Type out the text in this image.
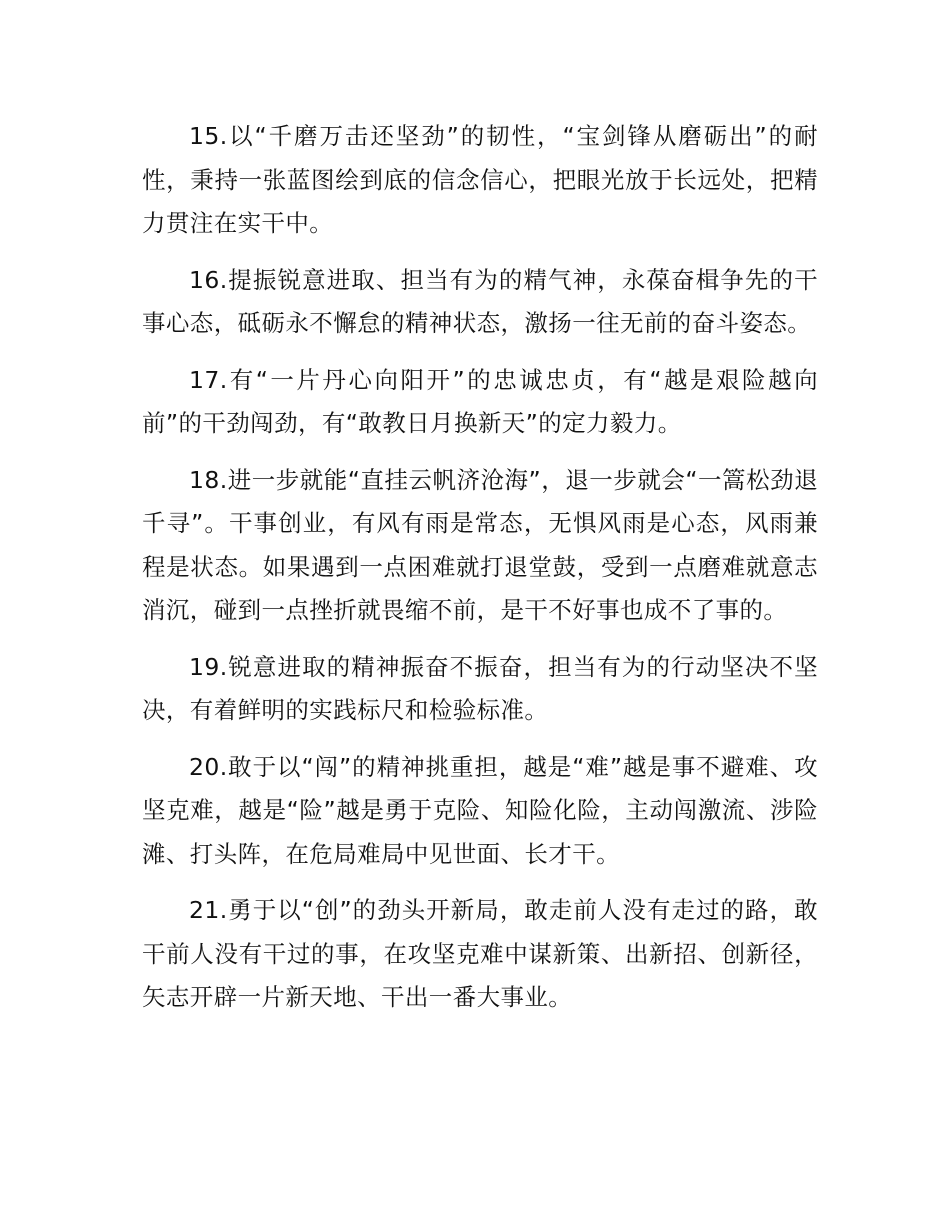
15.以“千磨万击还坚劲”的韧性，“宝剑锋从磨砺出”的耐性，秉持一张蓝图绘到底的信念信心，把眼光放于长远处，把精力贯注在实干中。

16.提振锐意进取、担当有为的精气神，永葆奋楫争先的干事心态，砥砺永不懈怠的精神状态，激扬一往无前的奋斗姿态。

17.有“一片丹心向阳开”的忠诚忠贞，有“越是艰险越向前”的干劲闯劲，有“敢教日月换新天”的定力毅力。

18.进一步就能“直挂云帆济沧海”，退一步就会“一篙松劲退千寻”。干事创业，有风有雨是常态，无惧风雨是心态，风雨兼程是状态。如果遇到一点困难就打退堂鼓，受到一点磨难就意志消沉，碰到一点挫折就畏缩不前，是干不好事也成不了事的。

19.锐意进取的精神振奋不振奋，担当有为的行动坚决不坚决，有着鲜明的实践标尺和检验标准。

20.敢于以“闯”的精神挑重担，越是“难”越是事不避难、攻坚克难，越是“险”越是勇于克险、知险化险，主动闯激流、涉险滩、打头阵，在危局难局中见世面、长才干。

21.勇于以“创”的劲头开新局，敢走前人没有走过的路，敢干前人没有干过的事，在攻坚克难中谋新策、出新招、创新径，矢志开辟一片新天地、干出一番大事业。
